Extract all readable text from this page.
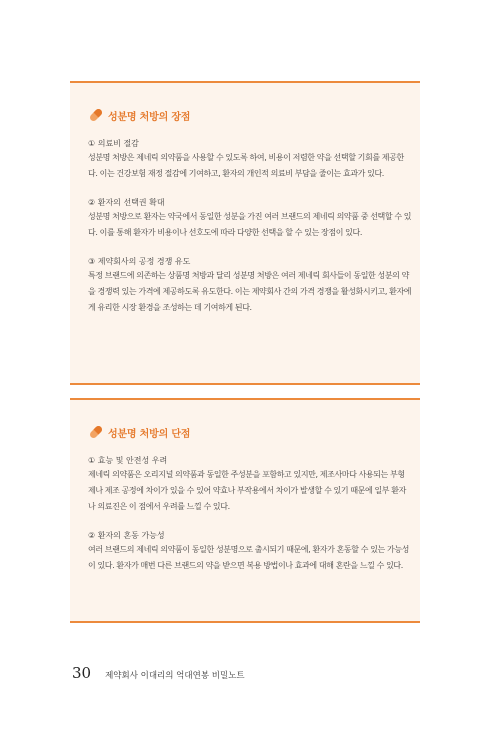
성분명 처방의 장점
① 의료비 절감
성분명 처방은 제네릭 의약품을 사용할 수 있도록 하여, 비용이 저렴한 약을 선택할 기회를 제공한다. 이는 건강보험 재정 절감에 기여하고, 환자의 개인적 의료비 부담을 줄이는 효과가 있다.
② 환자의 선택권 확대
성분명 처방으로 환자는 약국에서 동일한 성분을 가진 여러 브랜드의 제네릭 의약품 중 선택할 수 있다. 이를 통해 환자가 비용이나 선호도에 따라 다양한 선택을 할 수 있는 장점이 있다.
③ 제약회사의 공정 경쟁 유도
특정 브랜드에 의존하는 상품명 처방과 달리 성분명 처방은 여러 제네릭 회사들이 동일한 성분의 약을 경쟁력 있는 가격에 제공하도록 유도한다. 이는 제약회사 간의 가격 경쟁을 활성화시키고, 환자에게 유리한 시장 환경을 조성하는 데 기여하게 된다.
성분명 처방의 단점
① 효능 및 안전성 우려
제네릭 의약품은 오리지널 의약품과 동일한 주성분을 포함하고 있지만, 제조사마다 사용되는 부형제나 제조 공정에 차이가 있을 수 있어 약효나 부작용에서 차이가 발생할 수 있기 때문에 일부 환자나 의료진은 이 점에서 우려를 느낄 수 있다.
② 환자의 혼동 가능성
여러 브랜드의 제네릭 의약품이 동일한 성분명으로 출시되기 때문에, 환자가 혼동할 수 있는 가능성이 있다. 환자가 매번 다른 브랜드의 약을 받으면 복용 방법이나 효과에 대해 혼란을 느낄 수 있다.
30 제약회사 이대리의 억대연봉 비밀노트
